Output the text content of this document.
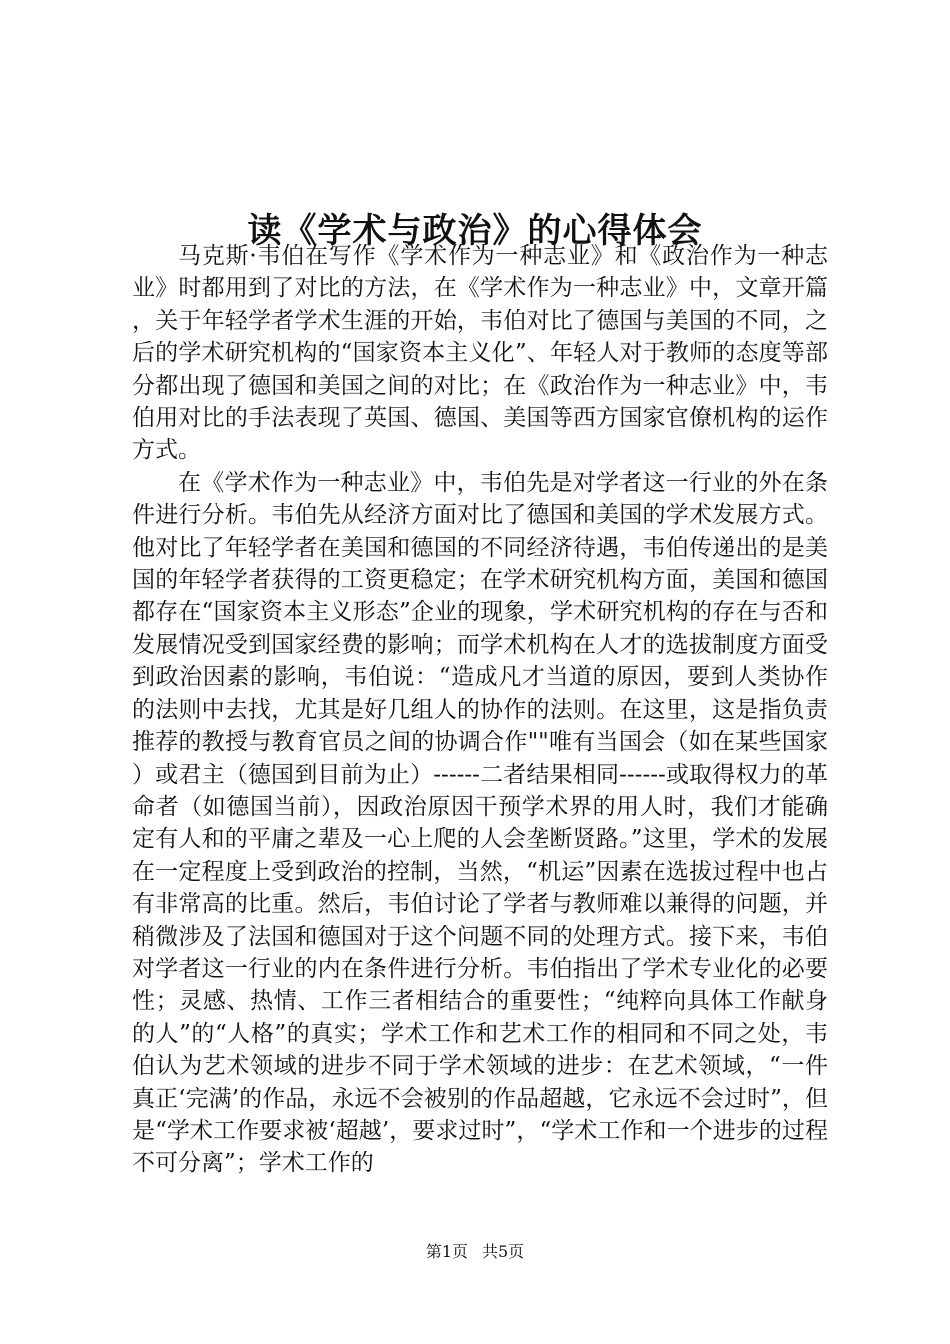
读《学术与政治》的心得体会

马克斯·韦伯在写作《学术作为一种志业》和《政治作为一种志业》时都用到了对比的方法，在《学术作为一种志业》中，文章开篇，关于年轻学者学术生涯的开始，韦伯对比了德国与美国的不同，之后的学术研究机构的“国家资本主义化”、年轻人对于教师的态度等部分都出现了德国和美国之间的对比；在《政治作为一种志业》中，韦伯用对比的手法表现了英国、德国、美国等西方国家官僚机构的运作方式。

在《学术作为一种志业》中，韦伯先是对学者这一行业的外在条件进行分析。韦伯先从经济方面对比了德国和美国的学术发展方式。他对比了年轻学者在美国和德国的不同经济待遇，韦伯传递出的是美国的年轻学者获得的工资更稳定；在学术研究机构方面，美国和德国都存在“国家资本主义形态”企业的现象，学术研究机构的存在与否和发展情况受到国家经费的影响；而学术机构在人才的选拔制度方面受到政治因素的影响，韦伯说：“造成凡才当道的原因，要到人类协作的法则中去找，尤其是好几组人的协作的法则。在这里，这是指负责推荐的教授与教育官员之间的协调合作""唯有当国会（如在某些国家）或君主（德国到目前为止）------二者结果相同------或取得权力的革命者（如德国当前），因政治原因干预学术界的用人时，我们才能确定有人和的平庸之辈及一心上爬的人会垄断贤路。”这里，学术的发展在一定程度上受到政治的控制，当然，“机运”因素在选拔过程中也占有非常高的比重。然后，韦伯讨论了学者与教师难以兼得的问题，并稍微涉及了法国和德国对于这个问题不同的处理方式。接下来，韦伯对学者这一行业的内在条件进行分析。韦伯指出了学术专业化的必要性；灵感、热情、工作三者相结合的重要性；“纯粹向具体工作献身的人”的“人格”的真实；学术工作和艺术工作的相同和不同之处，韦伯认为艺术领域的进步不同于学术领域的进步：在艺术领域，“一件真正‘完满’的作品，永远不会被别的作品超越，它永远不会过时”，但是“学术工作要求被‘超越’，要求过时”，“学术工作和一个进步的过程不可分离”；学术工作的

第1页 共5页
